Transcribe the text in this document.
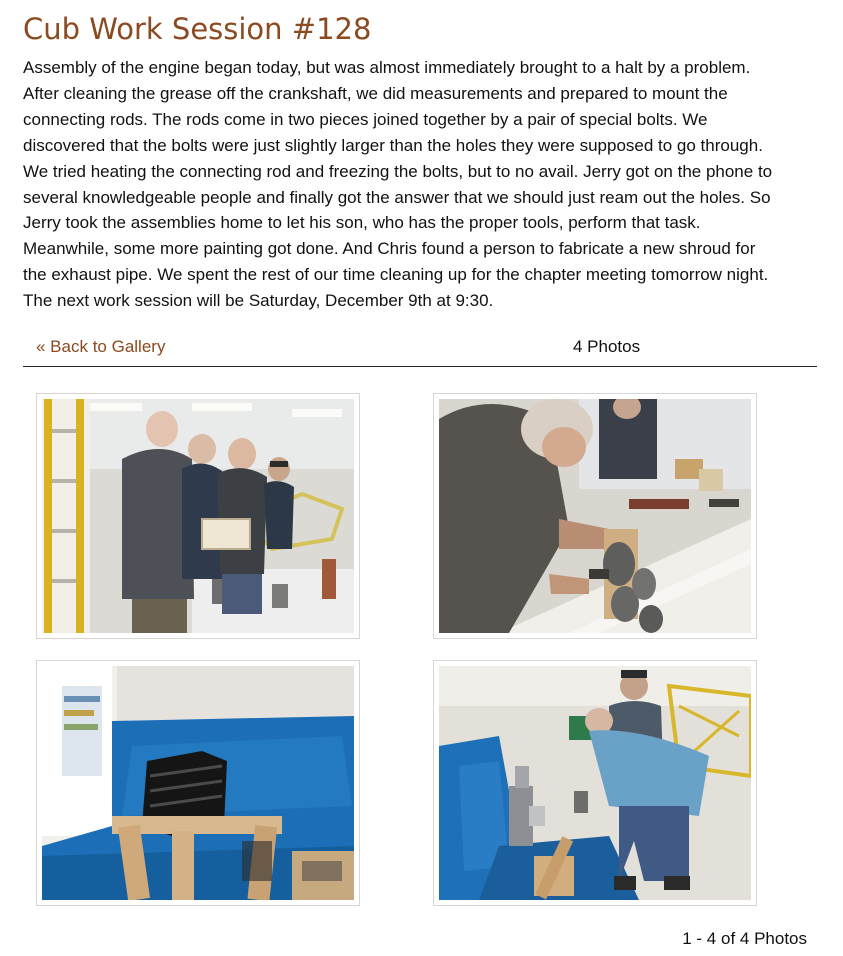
Cub Work Session #128

Assembly of the engine began today, but was almost immediately brought to a halt by a problem.
After cleaning the grease off the crankshaft, we did measurements and prepared to mount the
connecting rods. The rods come in two pieces joined together by a pair of special bolts. We
discovered that the bolts were just slightly larger than the holes they were supposed to go through.
We tried heating the connecting rod and freezing the bolts, but to no avail. Jerry got on the phone to
several knowledgeable people and finally got the answer that we should just ream out the holes. So
Jerry took the assemblies home to let his son, who has the proper tools, perform that task.
Meanwhile, some more painting got done. And Chris found a person to fabricate a new shroud for
the exhaust pipe. We spent the rest of our time cleaning up for the chapter meeting tomorrow night.
The next work session will be Saturday, December 9th at 9:30.

« Back to Gallery	4 Photos
1 - 4 of 4 Photos
